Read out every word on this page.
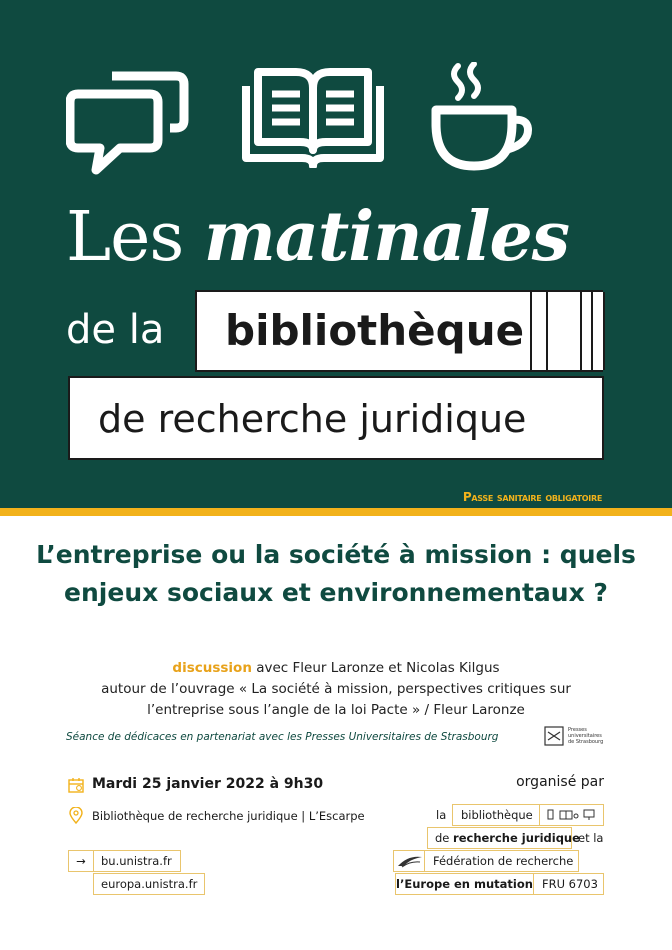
Les matinales
de la bibliothèque
de recherche juridique
Passe sanitaire obligatoire
L’entreprise ou la société à mission : quels enjeux sociaux et environnementaux ?
discussion avec Fleur Laronze et Nicolas Kilgus
autour de l’ouvrage « La société à mission, perspectives critiques sur
l’entreprise sous l’angle de la loi Pacte » / Fleur Laronze
Séance de dédicaces en partenariat avec les Presses Universitaires de Strasbourg
Presses universitaires de Strasbourg
Mardi 25 janvier 2022 à 9h30
Bibliothèque de recherche juridique | L’Escarpe
→	bu.unistra.fr
europa.unistra.fr
organisé par
la	bibliothèque
de recherche juridique
et la
Fédération de recherche
l’Europe en mutation FRU 6703
